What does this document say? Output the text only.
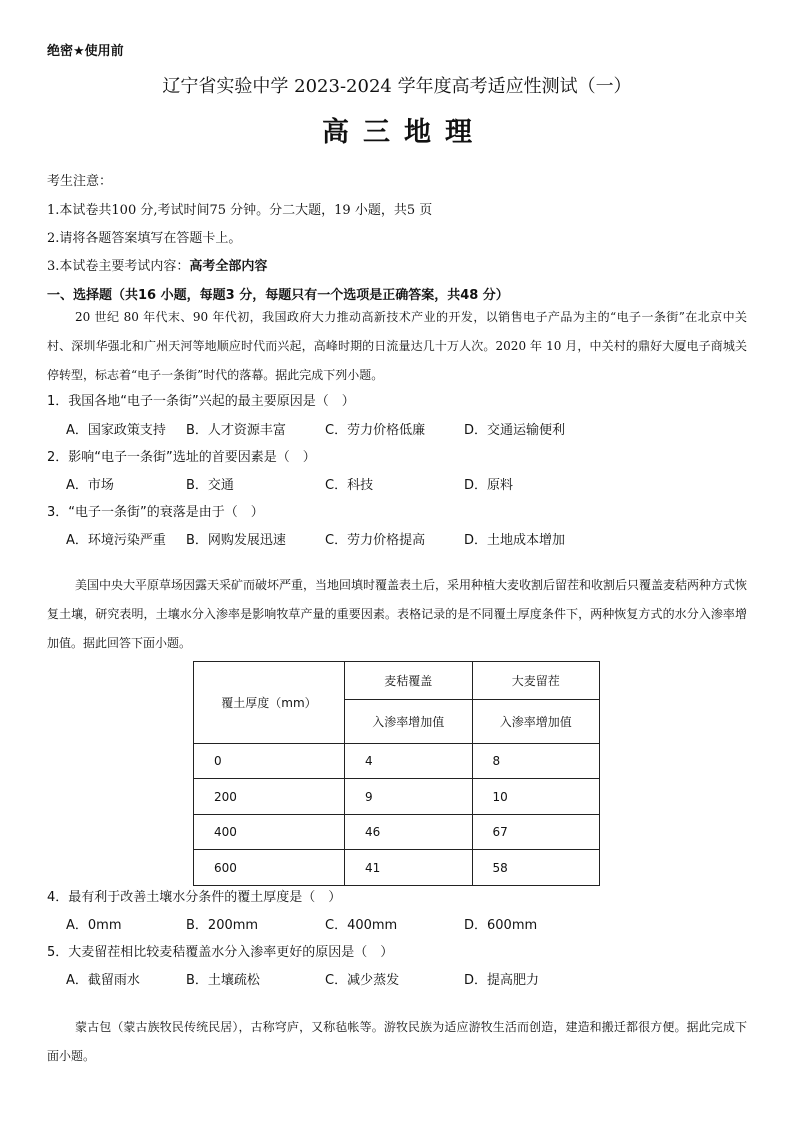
绝密★使用前
辽宁省实验中学 2023-2024 学年度高考适应性测试（一）
高三地理
考生注意：
1.本试卷共100 分,考试时间75 分钟。分二大题，19 小题，共5 页
2.请将各题答案填写在答题卡上。
3.本试卷主要考试内容：高考全部内容
一、选择题（共16 小题，每题3 分，每题只有一个选项是正确答案，共48 分）
20 世纪 80 年代末、90 年代初，我国政府大力推动高新技术产业的开发，以销售电子产品为主的“电子一条街”在北京中关村、深圳华强北和广州天河等地顺应时代而兴起，高峰时期的日流量达几十万人次。2020 年 10 月，中关村的鼎好大厦电子商城关停转型，标志着“电子一条街”时代的落幕。据此完成下列小题。
1．我国各地“电子一条街”兴起的最主要原因是（　）
A．国家政策支持 B．人才资源丰富	C．劳力价格低廉	D．交通运输便利
2．影响“电子一条街”选址的首要因素是（　）
A．市场	B．交通	C．科技	D．原料
3．“电子一条街”的衰落是由于（　）
A．环境污染严重 B．网购发展迅速	C．劳力价格提高	D．土地成本增加
美国中央大平原草场因露天采矿而破坏严重，当地回填时覆盖表土后，采用种植大麦收割后留茬和收割后只覆盖麦秸两种方式恢复土壤，研究表明，土壤水分入渗率是影响牧草产量的重要因素。表格记录的是不同覆土厚度条件下，两种恢复方式的水分入渗率增加值。据此回答下面小题。
覆土厚度（mm）	麦秸覆盖	大麦留茬
	入渗率增加值	入渗率增加值
0	4	8
200	9	10
400	46	67
600	41	58
4．最有利于改善土壤水分条件的覆土厚度是（　）
A．0mm	B．200mm	C．400mm	D．600mm
5．大麦留茬相比较麦秸覆盖水分入渗率更好的原因是（　）
A．截留雨水	B．土壤疏松	C．减少蒸发	D．提高肥力
蒙古包（蒙古族牧民传统民居），古称穹庐，又称毡帐等。游牧民族为适应游牧生活而创造，建造和搬迁都很方便。据此完成下面小题。
